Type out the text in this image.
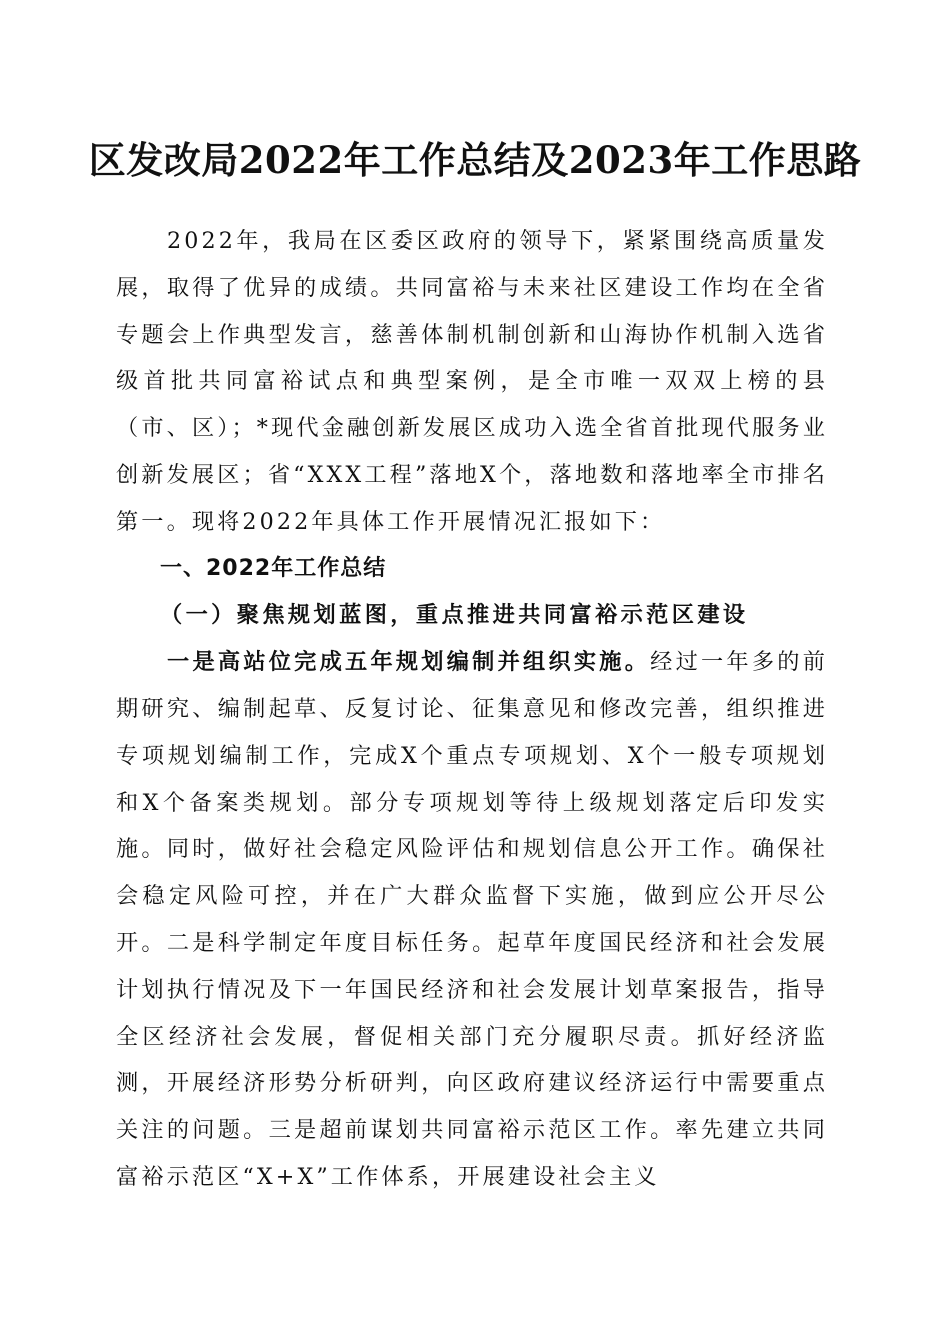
区发改局2022年工作总结及2023年工作思路

2022年，我局在区委区政府的领导下，紧紧围绕高质量发展，取得了优异的成绩。共同富裕与未来社区建设工作均在全省专题会上作典型发言，慈善体制机制创新和山海协作机制入选省级首批共同富裕试点和典型案例，是全市唯一双双上榜的县（市、区）；*现代金融创新发展区成功入选全省首批现代服务业创新发展区；省“XXX工程”落地X个，落地数和落地率全市排名第一。现将2022年具体工作开展情况汇报如下：

一、2022年工作总结

（一）聚焦规划蓝图，重点推进共同富裕示范区建设

一是高站位完成五年规划编制并组织实施。经过一年多的前期研究、编制起草、反复讨论、征集意见和修改完善，组织推进专项规划编制工作，完成X个重点专项规划、X个一般专项规划和X个备案类规划。部分专项规划等待上级规划落定后印发实施。同时，做好社会稳定风险评估和规划信息公开工作。确保社会稳定风险可控，并在广大群众监督下实施，做到应公开尽公开。二是科学制定年度目标任务。起草年度国民经济和社会发展计划执行情况及下一年国民经济和社会发展计划草案报告，指导全区经济社会发展，督促相关部门充分履职尽责。抓好经济监测，开展经济形势分析研判，向区政府建议经济运行中需要重点关注的问题。三是超前谋划共同富裕示范区工作。率先建立共同富裕示范区“X+X”工作体系，开展建设社会主义
